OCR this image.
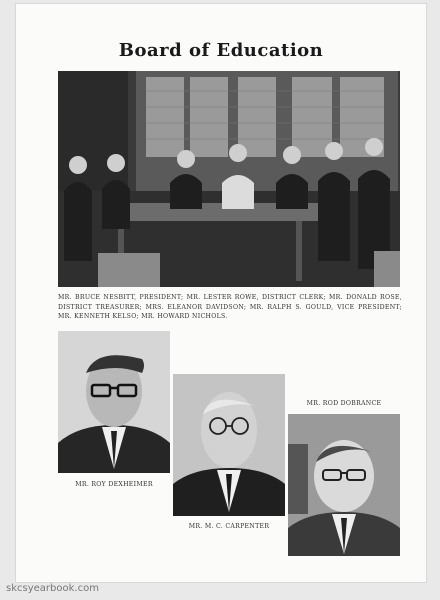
Board of Education
MR. BRUCE NESBITT, PRESIDENT; MR. LESTER ROWE, DISTRICT CLERK; MR. DONALD ROSE, DISTRICT TREASURER; MRS. ELEANOR DAVIDSON; MR. RALPH S. GOULD, VICE PRESIDENT; MR. KENNETH KELSO; MR. HOWARD NICHOLS.
MR. ROY DEXHEIMER
MR. M. C. CARPENTER
MR. ROD DOBRANCE
skcsyearbook.com
